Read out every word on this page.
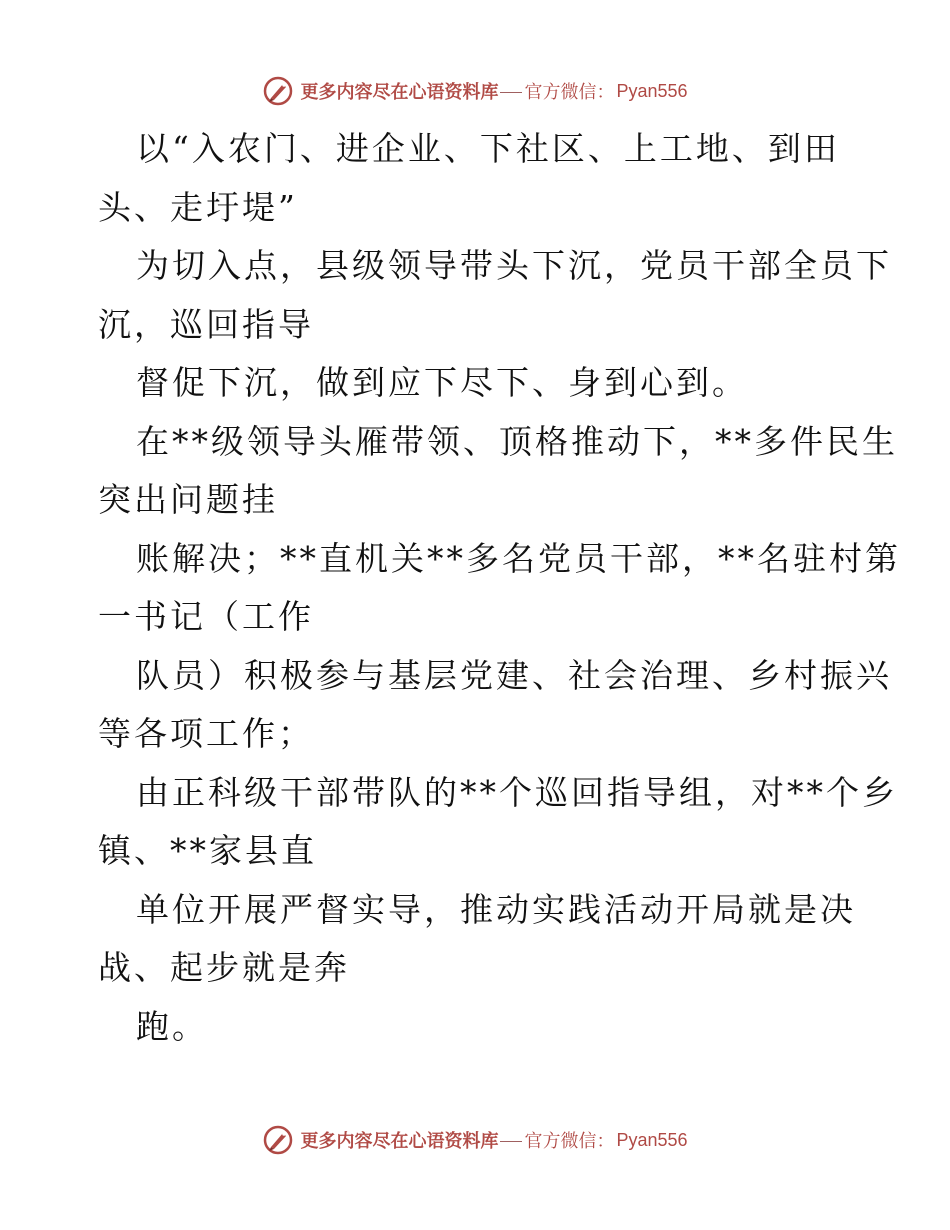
更多内容尽在心语资料库 官方微信： Pyan556

以“入农门、进企业、下社区、上工地、到田

头、走圩堤”

为切入点，县级领导带头下沉，党员干部全员下

沉，巡回指导

督促下沉，做到应下尽下、身到心到。

在**级领导头雁带领、顶格推动下，**多件民生

突出问题挂

账解决；**直机关**多名党员干部，**名驻村第

一书记（工作

队员）积极参与基层党建、社会治理、乡村振兴

等各项工作；

由正科级干部带队的**个巡回指导组，对**个乡

镇、**家县直

单位开展严督实导，推动实践活动开局就是决

战、起步就是奔

跑。

更多内容尽在心语资料库 官方微信： Pyan556
